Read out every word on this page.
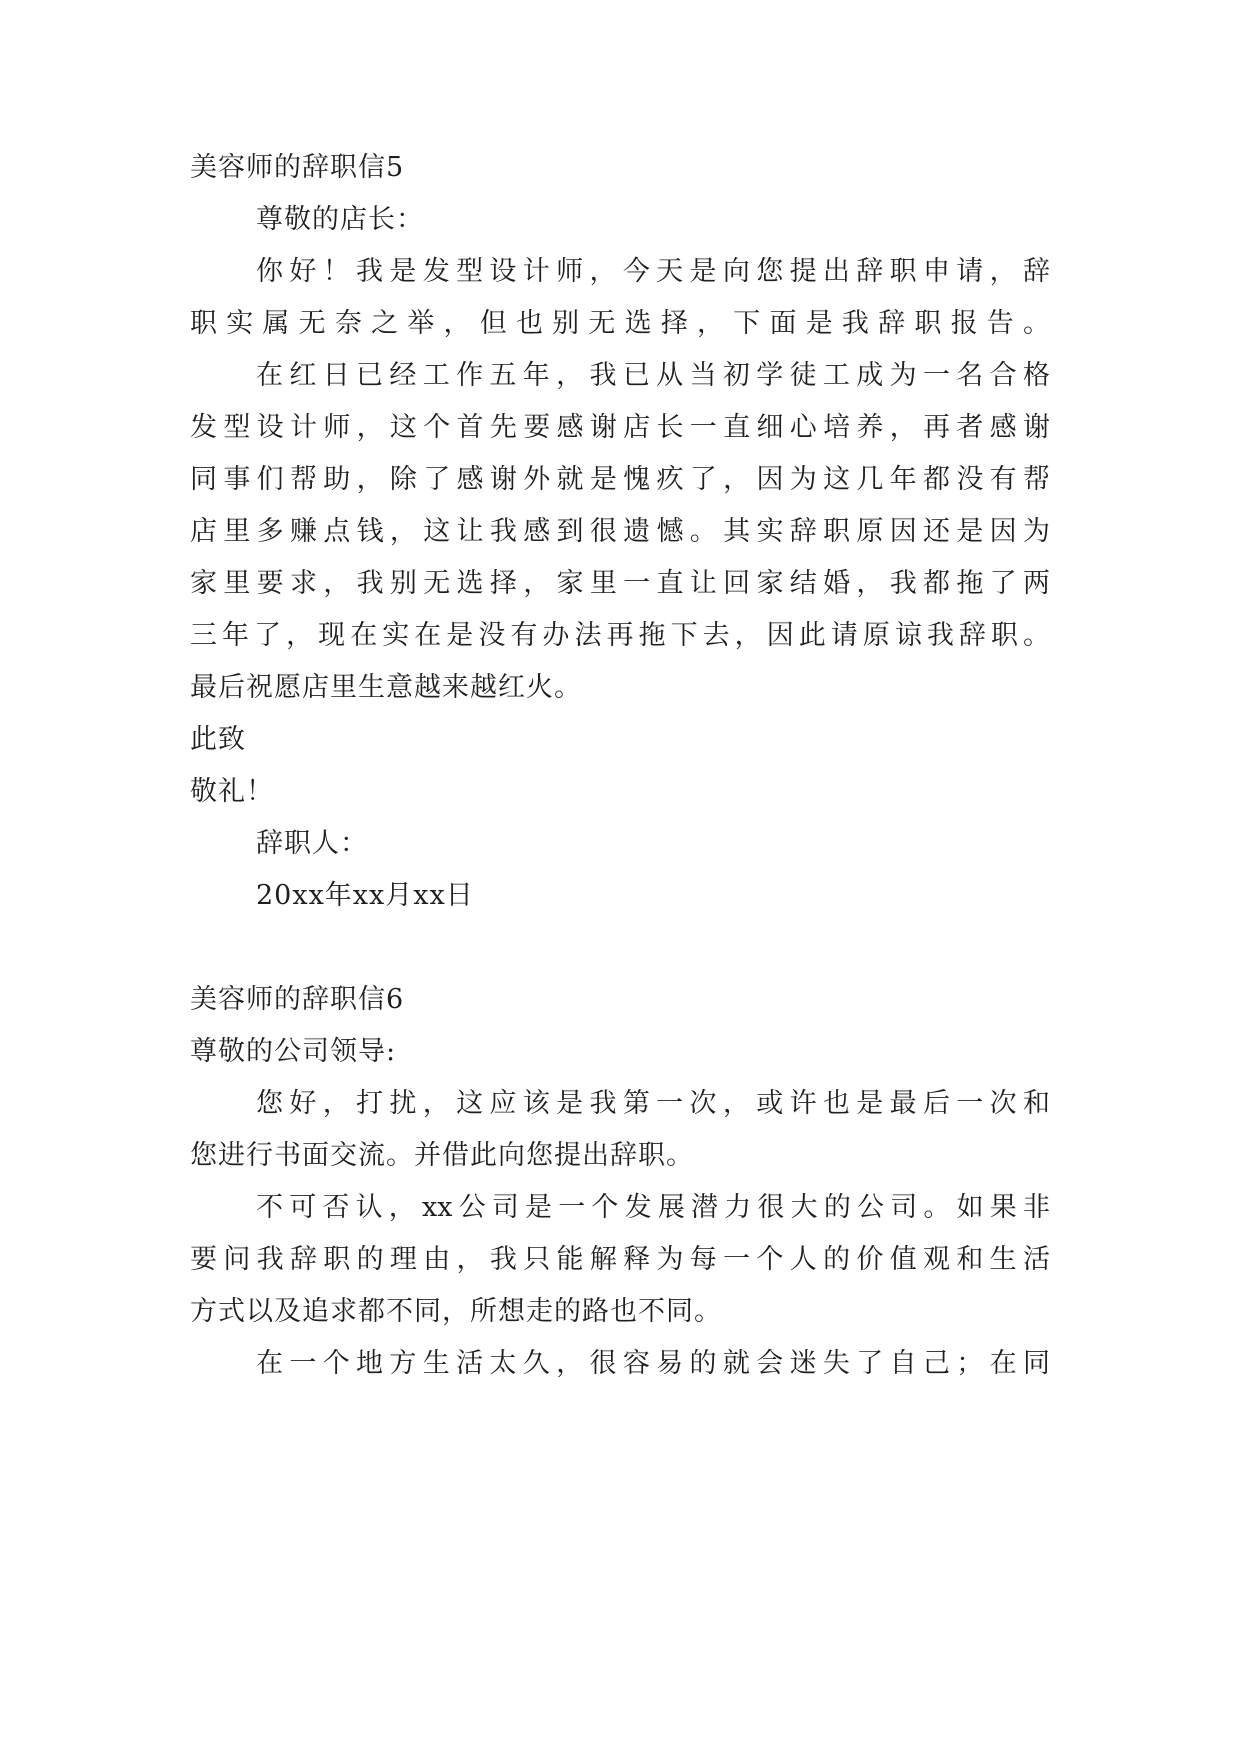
美容师的辞职信5
尊敬的店长：
你好！我是发型设计师，今天是向您提出辞职申请，辞
职实属无奈之举，但也别无选择，下面是我辞职报告。
在红日已经工作五年，我已从当初学徒工成为一名合格
发型设计师，这个首先要感谢店长一直细心培养，再者感谢
同事们帮助，除了感谢外就是愧疚了，因为这几年都没有帮
店里多赚点钱，这让我感到很遗憾。其实辞职原因还是因为
家里要求，我别无选择，家里一直让回家结婚，我都拖了两
三年了，现在实在是没有办法再拖下去，因此请原谅我辞职。
最后祝愿店里生意越来越红火。
此致
敬礼！
辞职人：
20xx年xx月xx日
美容师的辞职信6
尊敬的公司领导:
您好，打扰，这应该是我第一次，或许也是最后一次和
您进行书面交流。并借此向您提出辞职。
不可否认，xx公司是一个发展潜力很大的公司。如果非
要问我辞职的理由，我只能解释为每一个人的价值观和生活
方式以及追求都不同，所想走的路也不同。
在一个地方生活太久，很容易的就会迷失了自己；在同
